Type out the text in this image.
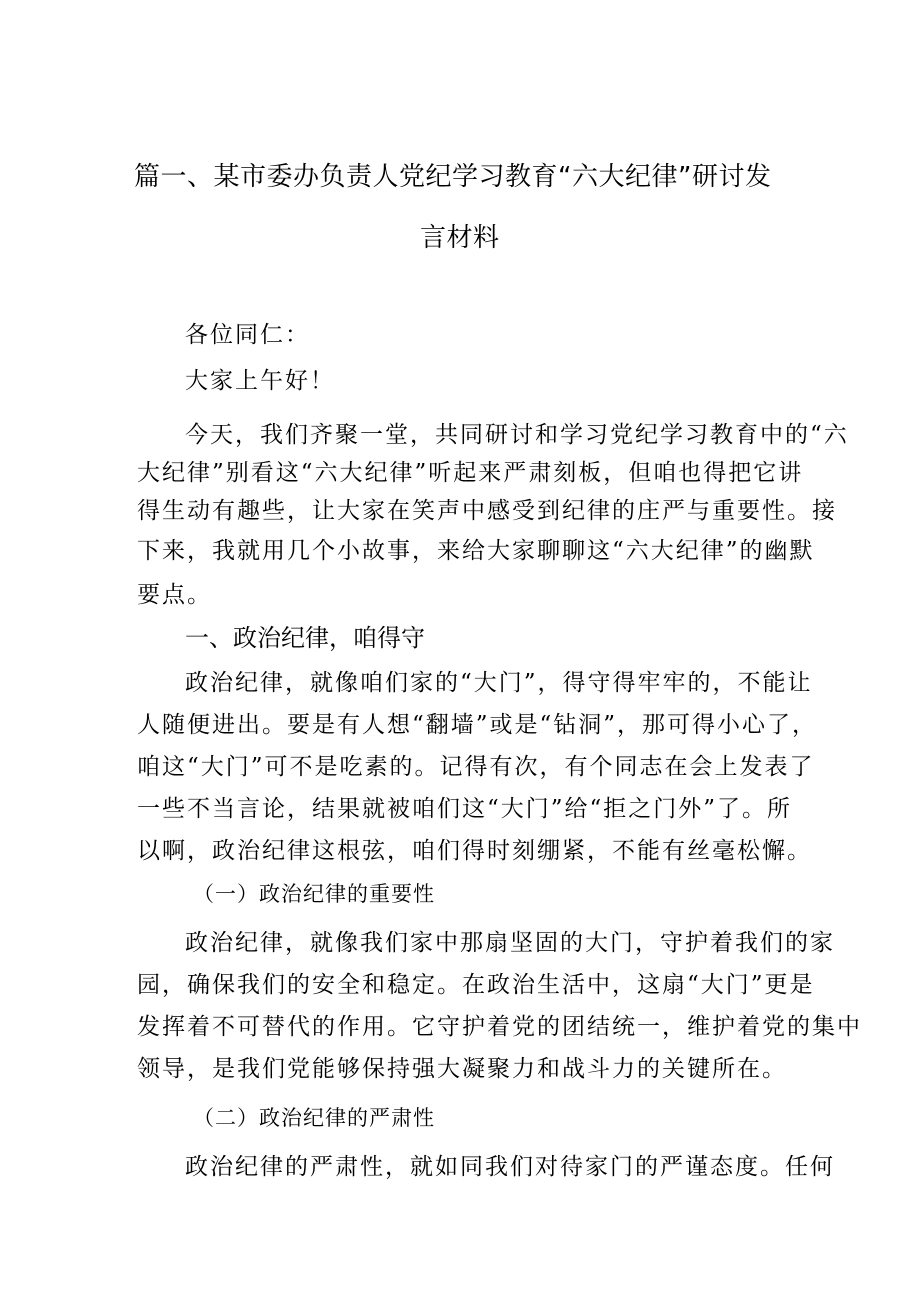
篇一、某市委办负责人党纪学习教育“六大纪律”研讨发
言材料
各位同仁：
大家上午好！
今天，我们齐聚一堂，共同研讨和学习党纪学习教育中的“六
大纪律”别看这“六大纪律”听起来严肃刻板，但咱也得把它讲
得生动有趣些，让大家在笑声中感受到纪律的庄严与重要性。接
下来，我就用几个小故事，来给大家聊聊这“六大纪律”的幽默
要点。
一、政治纪律，咱得守
政治纪律，就像咱们家的“大门”，得守得牢牢的，不能让
人随便进出。要是有人想“翻墙”或是“钻洞”，那可得小心了，
咱这“大门”可不是吃素的。记得有次，有个同志在会上发表了
一些不当言论，结果就被咱们这“大门”给“拒之门外”了。所
以啊，政治纪律这根弦，咱们得时刻绷紧，不能有丝毫松懈。
（一）政治纪律的重要性
政治纪律，就像我们家中那扇坚固的大门，守护着我们的家
园，确保我们的安全和稳定。在政治生活中，这扇“大门”更是
发挥着不可替代的作用。它守护着党的团结统一，维护着党的集中
领导，是我们党能够保持强大凝聚力和战斗力的关键所在。
（二）政治纪律的严肃性
政治纪律的严肃性，就如同我们对待家门的严谨态度。任何
